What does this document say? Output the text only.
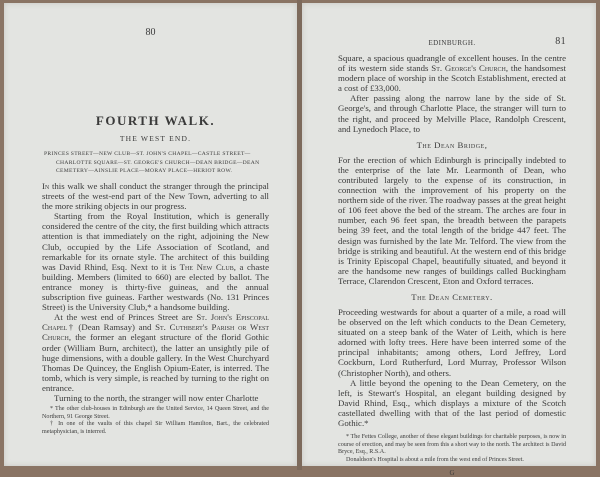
80
FOURTH WALK.
THE WEST END.
PRINCES STREET—NEW CLUB—ST. JOHN'S CHAPEL—CASTLE STREET—
CHARLOTTE SQUARE—ST. GEORGE'S CHURCH—DEAN BRIDGE—DEAN
CEMETERY—AINSLIE PLACE—MORAY PLACE—HERIOT ROW.

In this walk we shall conduct the stranger through the principal streets of the west-end part of the New Town, adverting to all the more striking objects in our progress.

Starting from the Royal Institution, which is generally considered the centre of the city, the first building which attracts attention is that immediately on the right, adjoining the New Club, occupied by the Life Association of Scotland, and remarkable for its ornate style. The architect of this building was David Rhind, Esq. Next to it is The New Club, a chaste building. Members (limited to 660) are elected by ballot. The entrance money is thirty-five guineas, and the annual subscription five guineas. Farther westwards (No. 131 Princes Street) is the University Club,* a handsome building.

At the west end of Princes Street are St. John's Episcopal Chapel† (Dean Ramsay) and St. Cuthbert's Parish or West Church, the former an elegant structure of the florid Gothic order (William Burn, architect), the latter an unsightly pile of huge dimensions, with a double gallery. In the West Churchyard Thomas De Quincey, the English Opium-Eater, is interred. The tomb, which is very simple, is reached by turning to the right on entrance.

Turning to the north, the stranger will now enter Charlotte

* The other club-houses in Edinburgh are the United Service, 14 Queen Street, and the Northern, 91 George Street.

† In one of the vaults of this chapel Sir William Hamilton, Bart., the celebrated metaphysician, is interred.

EDINBURGH.	81

Square, a spacious quadrangle of excellent houses. In the centre of its western side stands St. George's Church, the handsomest modern place of worship in the Scotch Establishment, erected at a cost of £33,000.

After passing along the narrow lane by the side of St. George's, and through Charlotte Place, the stranger will turn to the right, and proceed by Melville Place, Randolph Crescent, and Lynedoch Place, to

The Dean Bridge,

For the erection of which Edinburgh is principally indebted to the enterprise of the late Mr. Learmonth of Dean, who contributed largely to the expense of its construction, in connection with the improvement of his property on the northern side of the river. The roadway passes at the great height of 106 feet above the bed of the stream. The arches are four in number, each 96 feet span, the breadth between the parapets being 39 feet, and the total length of the bridge 447 feet. The design was furnished by the late Mr. Telford. The view from the bridge is striking and beautiful. At the western end of this bridge is Trinity Episcopal Chapel, beautifully situated, and beyond it are the handsome new ranges of buildings called Buckingham Terrace, Clarendon Crescent, Eton and Oxford terraces.

The Dean Cemetery.

Proceeding westwards for about a quarter of a mile, a road will be observed on the left which conducts to the Dean Cemetery, situated on a steep bank of the Water of Leith, which is here adorned with lofty trees. Here have been interred some of the principal inhabitants; among others, Lord Jeffrey, Lord Cockburn, Lord Rutherfurd, Lord Murray, Professor Wilson (Christopher North), and others.

A little beyond the opening to the Dean Cemetery, on the left, is Stewart's Hospital, an elegant building designed by David Rhind, Esq., which displays a mixture of the Scotch castellated dwelling with that of the last period of domestic Gothic.*

* The Fettes College, another of these elegant buildings for charitable purposes, is now in course of erection, and may be seen from this a short way to the north. The architect is David Bryce, Esq., R.S.A.

Donaldson's Hospital is about a mile from the west end of Princes Street.

G
